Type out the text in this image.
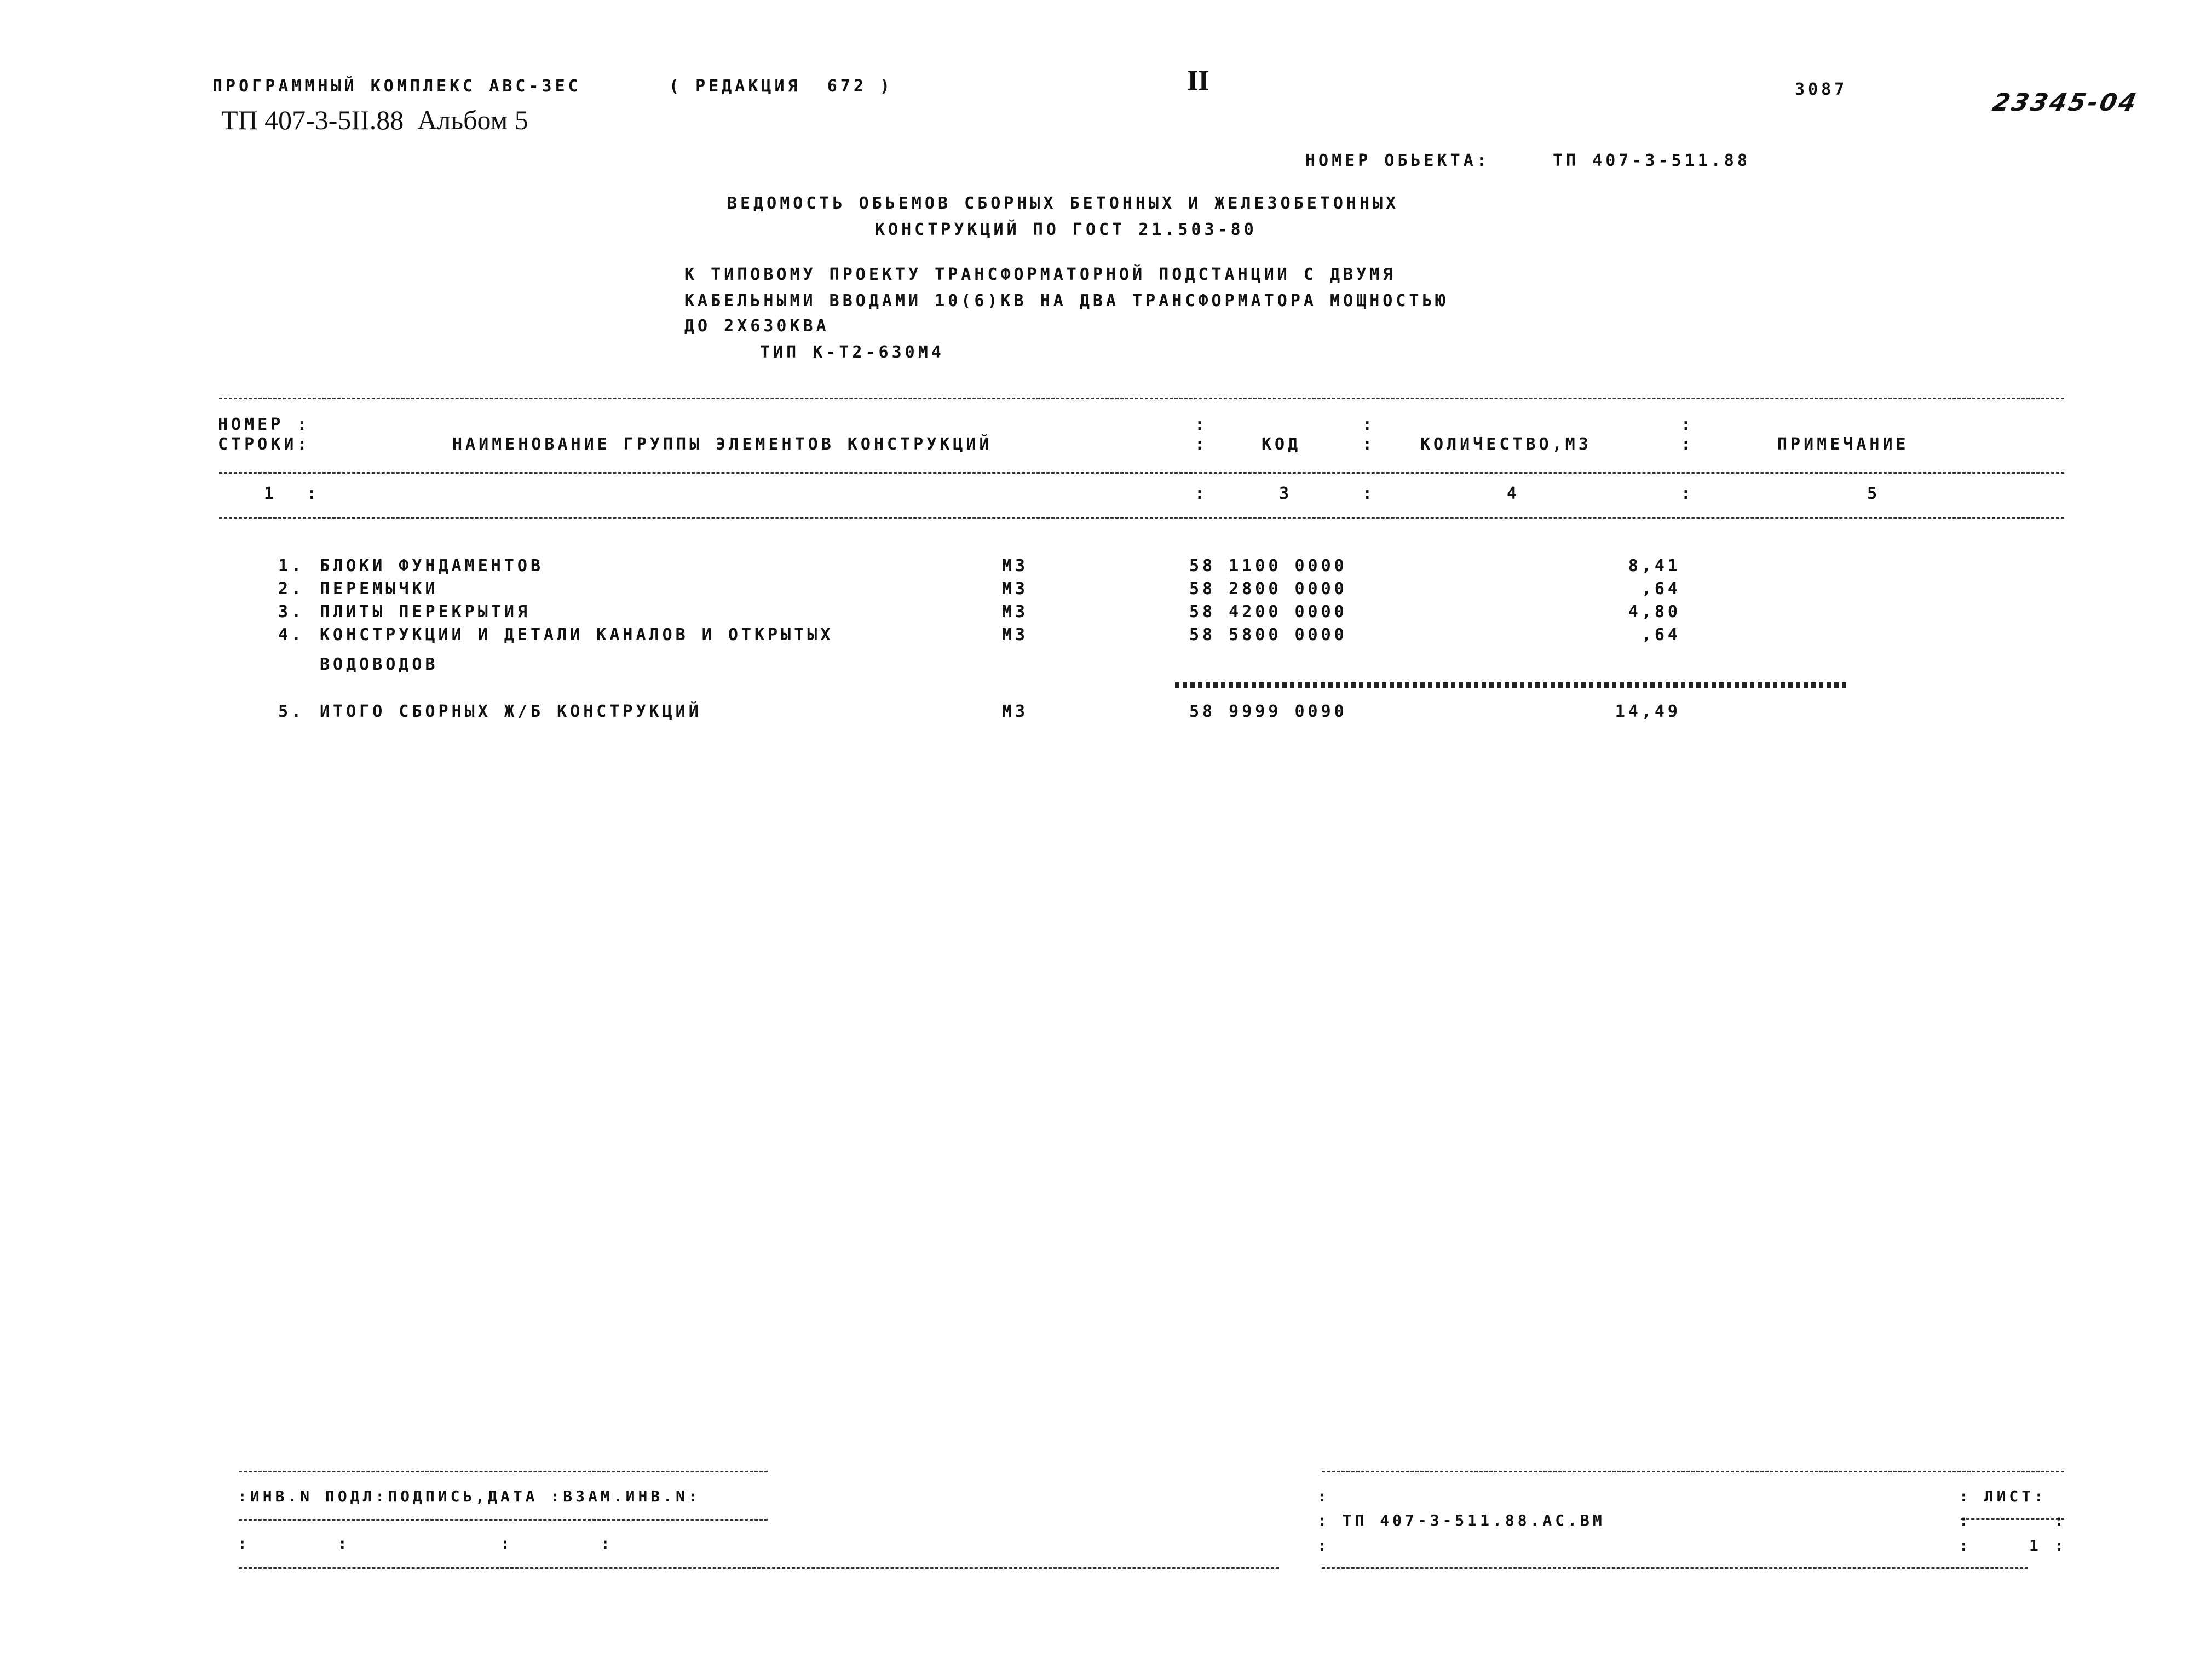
ПРОГРАММНЫЙ КОМПЛЕКС АВС-3ЕС	( РЕДАКЦИЯ  672 )	II	3087	23345-04
ТП 407-3-5II.88  Альбом 5
НОМЕР ОБЬЕКТА:	ТП 407-3-511.88
ВЕДОМОСТЬ ОБЬЕМОВ СБОРНЫХ БЕТОННЫХ И ЖЕЛЕЗОБЕТОННЫХ
КОНСТРУКЦИЙ ПО ГОСТ 21.503-80
К ТИПОВОМУ ПРОЕКТУ ТРАНСФОРМАТОРНОЙ ПОДСТАНЦИИ С ДВУМЯ
КАБЕЛЬНЫМИ ВВОДАМИ 10(6)КВ НА ДВА ТРАНСФОРМАТОРА МОЩНОСТЬЮ
ДО 2Х630КВА
ТИП К-Т2-630М4
НОМЕР :
СТРОКИ:	НАИМЕНОВАНИЕ ГРУППЫ ЭЛЕМЕНТОВ КОНСТРУКЦИЙ
:
:	КОД
:
:	КОЛИЧЕСТВО,М3
:
:	ПРИМЕЧАНИЕ
1 :	:	3	:	4	:	5
1. БЛОКИ ФУНДАМЕНТОВ	М3	58 1100 0000	8,41
2. ПЕРЕМЫЧКИ	М3	58 2800 0000	,64
3. ПЛИТЫ ПЕРЕКРЫТИЯ	М3	58 4200 0000	4,80
4. КОНСТРУКЦИИ И ДЕТАЛИ КАНАЛОВ И ОТКРЫТЫХ
ВОДОВОДОВ
М3	58 5800 0000	,64
5. ИТОГО СБОРНЫХ Ж/Б КОНСТРУКЦИЙ	М3	58 9999 0090	14,49
:ИНВ.N ПОДЛ:ПОДПИСЬ,ДАТА :ВЗАМ.ИНВ.N:
:       :            :       :
:
: ТП 407-3-511.88.АС.ВМ
:
: ЛИСТ:
:	:
:	1 :
